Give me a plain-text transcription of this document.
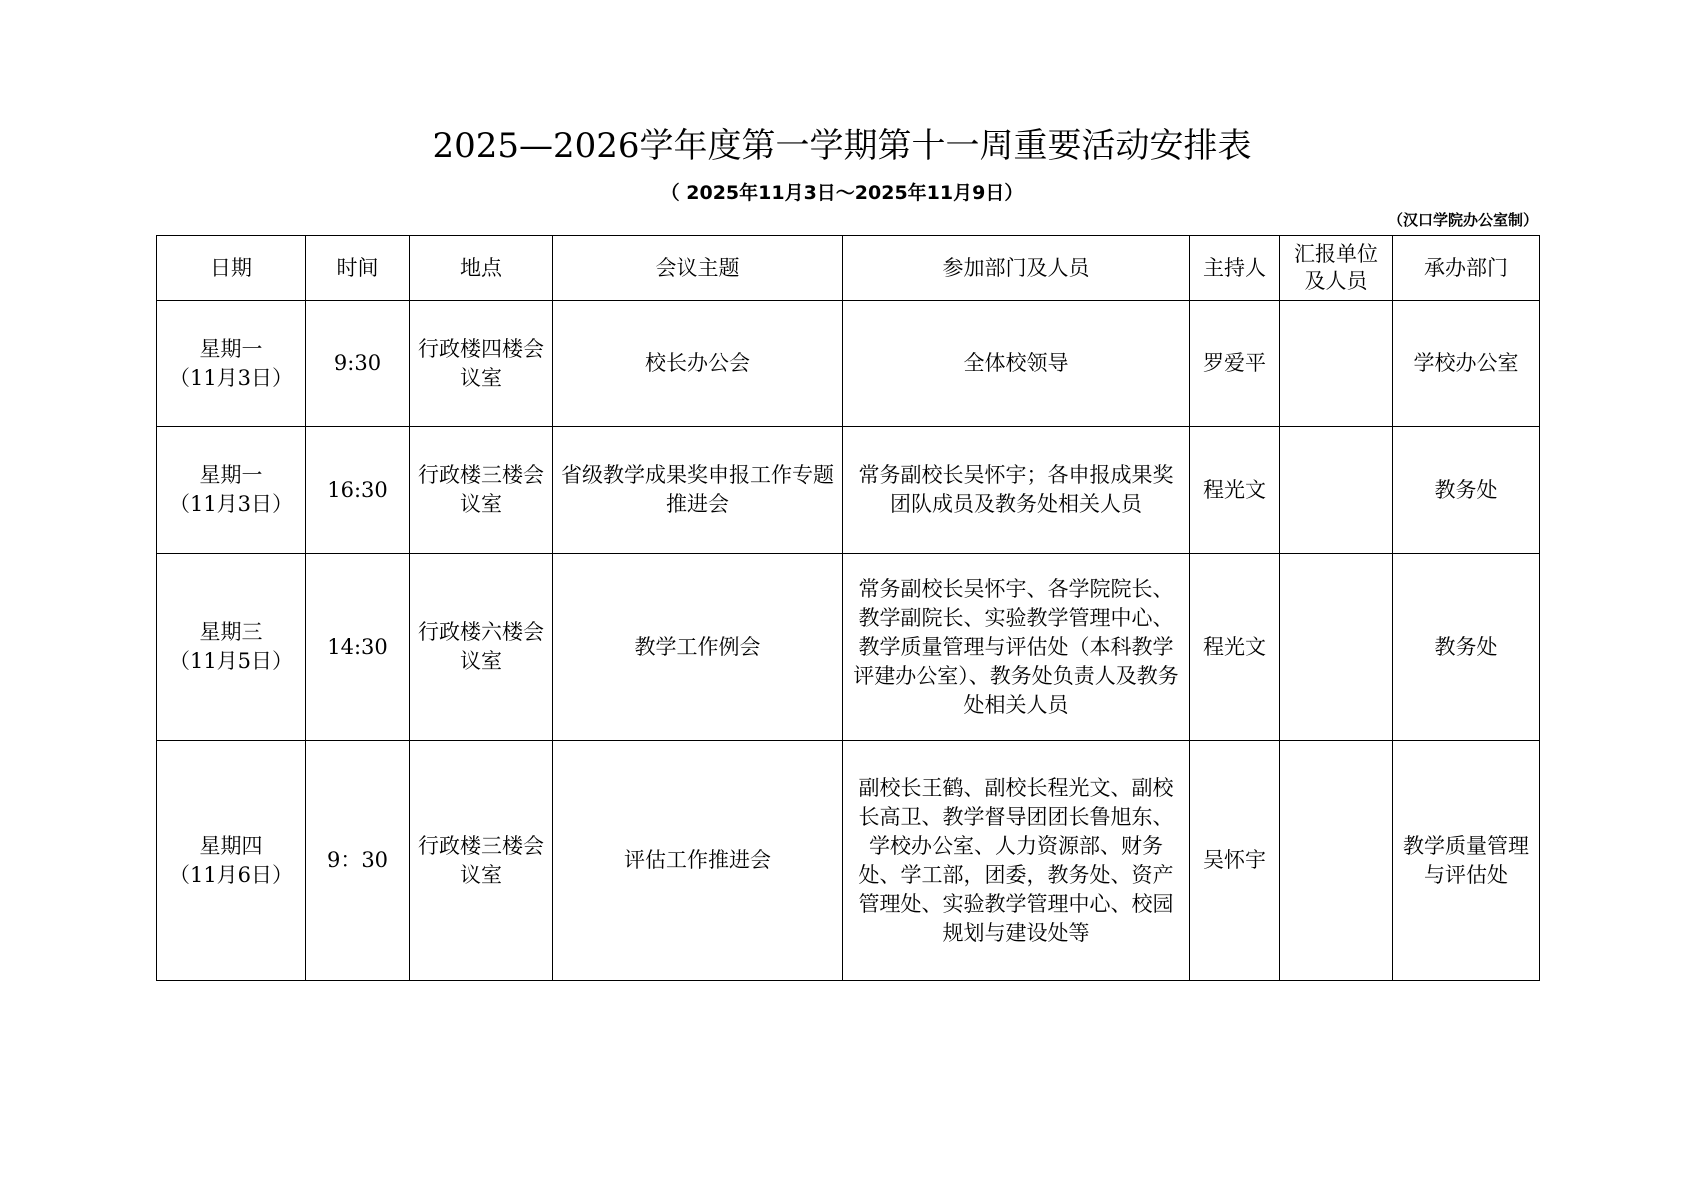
2025—2026学年度第一学期第十一周重要活动安排表
（ 2025年11月3日～2025年11月9日）
（汉口学院办公室制）
日期	时间	地点	会议主题	参加部门及人员	主持人	汇报单位及人员	承办部门

星期一
（11月3日）	9:30	行政楼四楼会议室	校长办公会	全体校领导	罗爱平		学校办公室

星期一
（11月3日）	16:30	行政楼三楼会议室	省级教学成果奖申报工作专题推进会	常务副校长吴怀宇；各申报成果奖团队成员及教务处相关人员	程光文		教务处

星期三
（11月5日）	14:30	行政楼六楼会议室	教学工作例会	常务副校长吴怀宇、各学院院长、教学副院长、实验教学管理中心、教学质量管理与评估处（本科教学评建办公室）、教务处负责人及教务处相关人员	程光文		教务处

星期四
（11月6日）	9：30	行政楼三楼会议室	评估工作推进会	副校长王鹤、副校长程光文、副校长高卫、教学督导团团长鲁旭东、学校办公室、人力资源部、财务处、学工部，团委，教务处、资产管理处、实验教学管理中心、校园规划与建设处等	吴怀宇		教学质量管理与评估处
